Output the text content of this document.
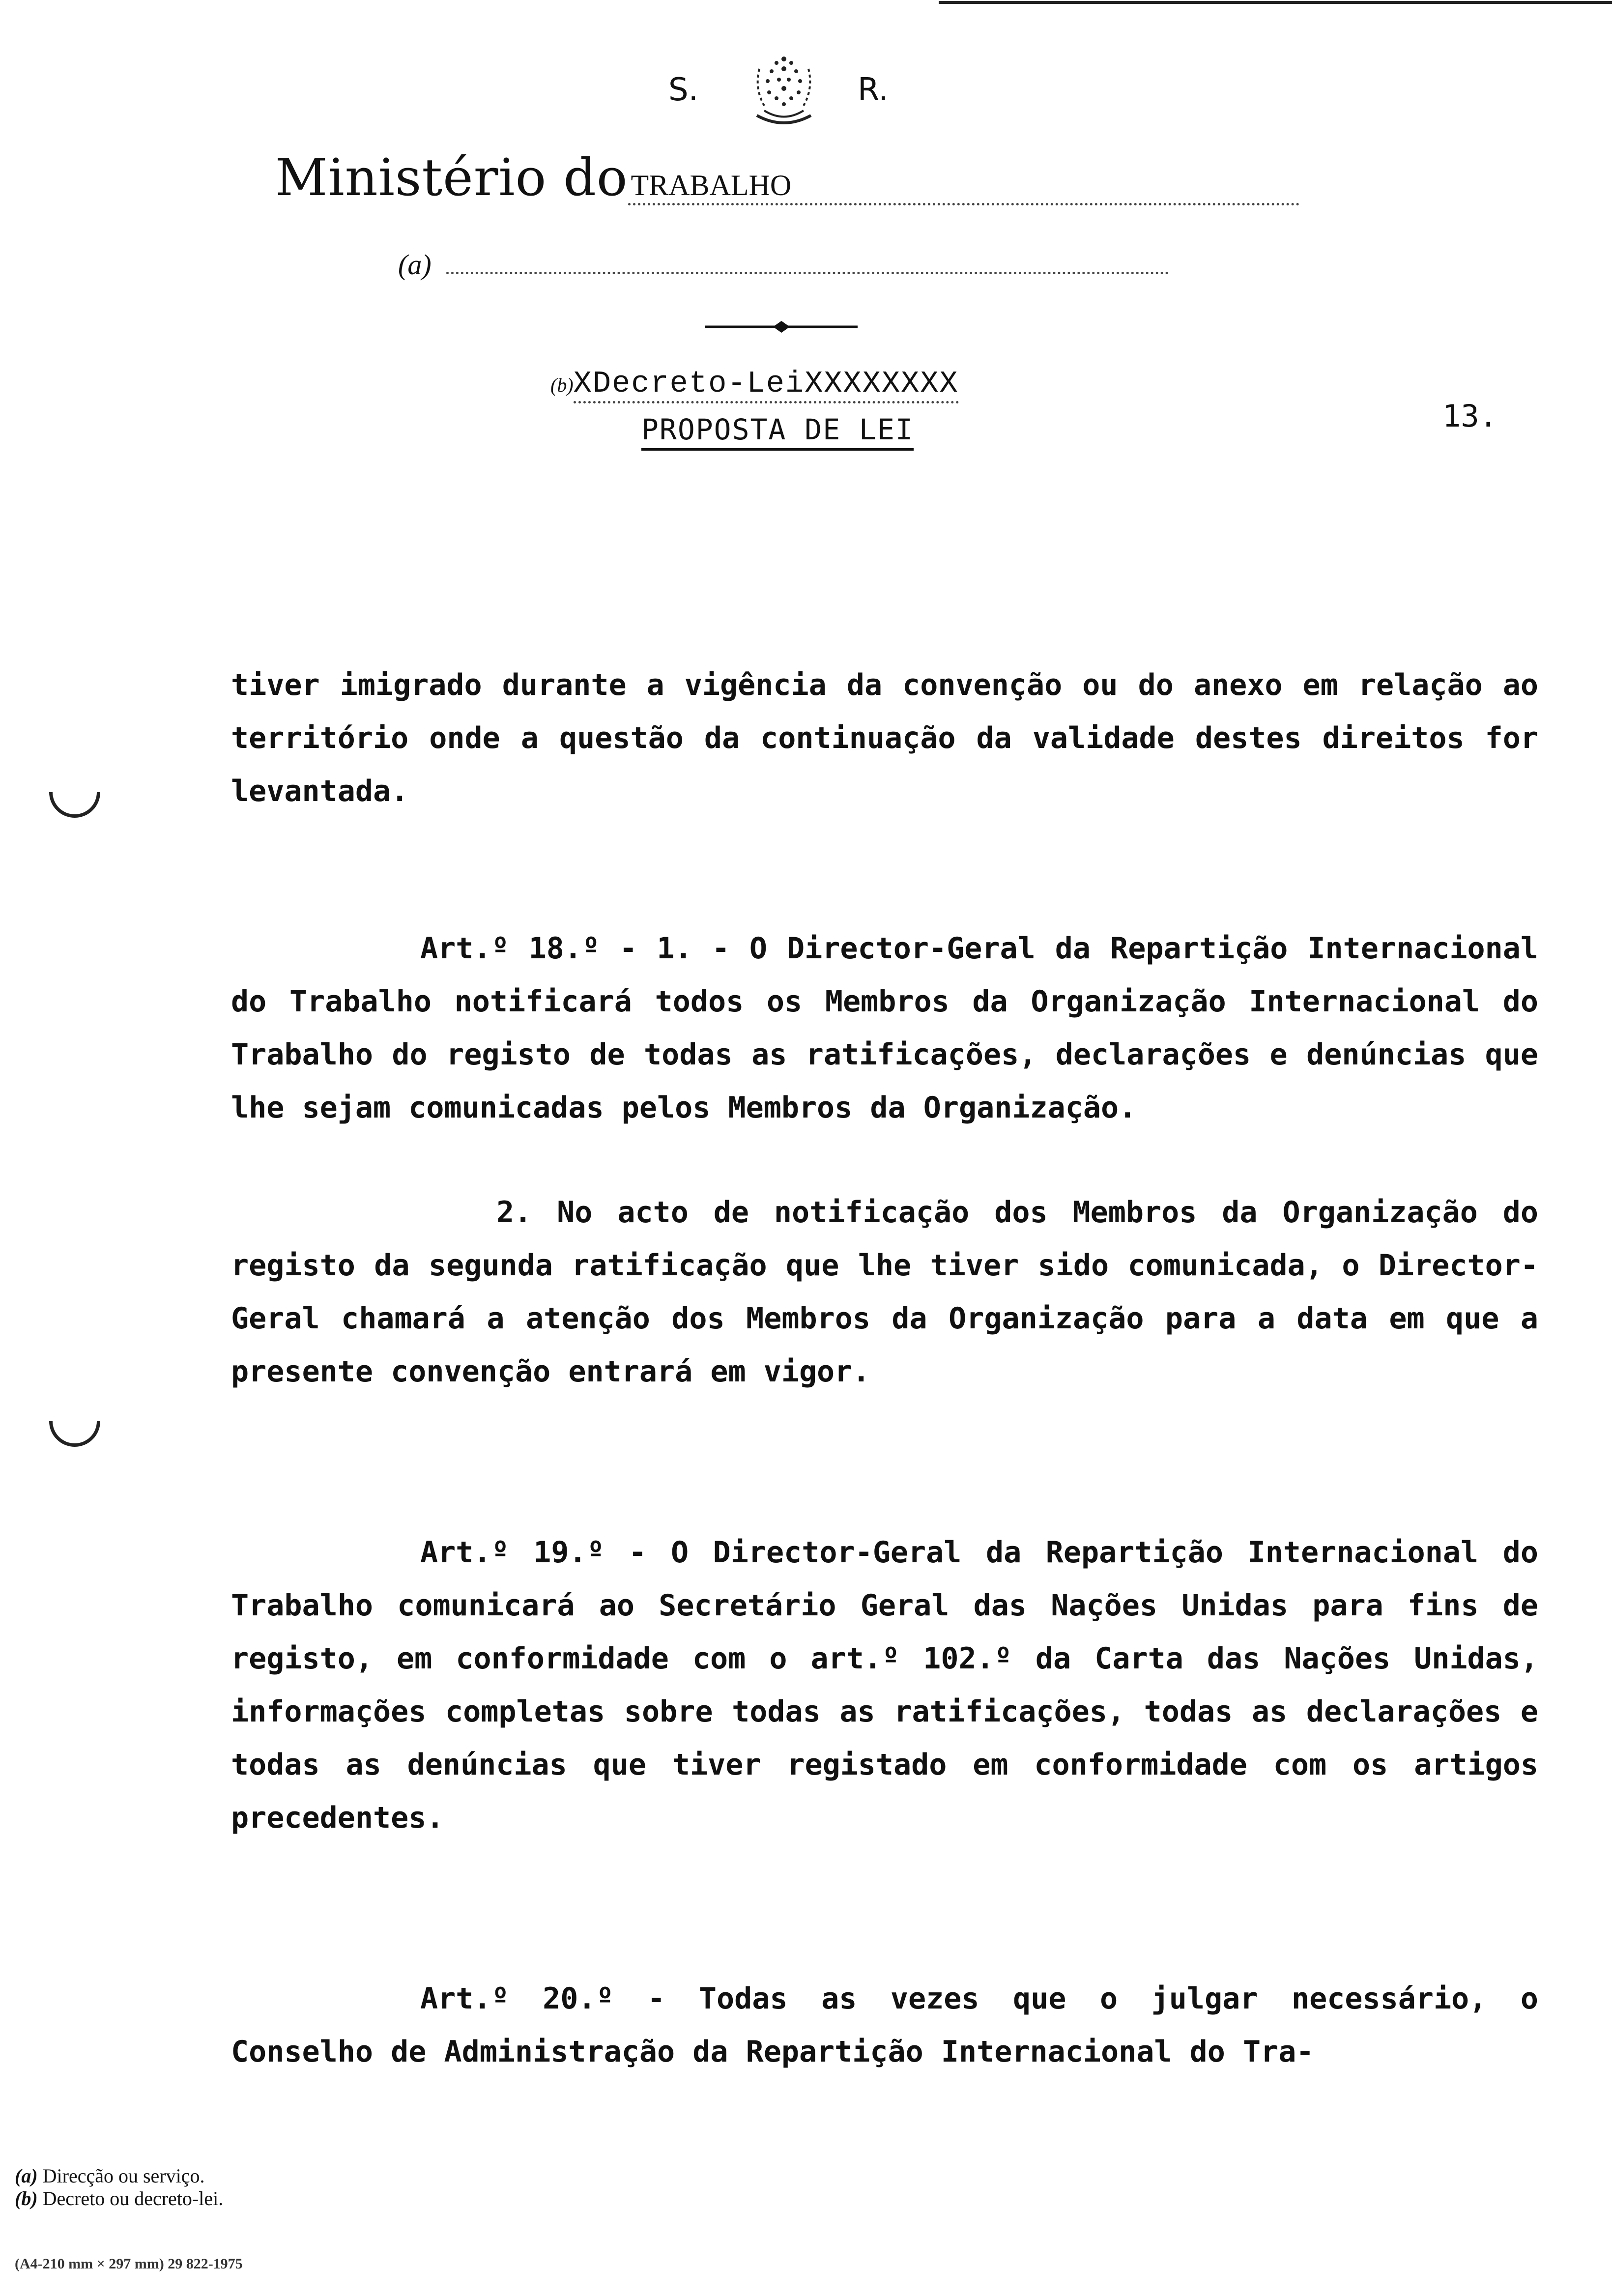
S.	R.
Ministério do TRABALHO
(a)
(b) XDecreto-LeiXXXXXXXX
PROPOSTA DE LEI	13.

tiver imigrado durante a vigência da convenção ou do anexo em relação ao território onde a questão da continuação da validade destes direitos for levantada.

Art.º 18.º - 1. - O Director-Geral da Repartição Internacional do Trabalho notificará todos os Membros da Organização Internacional do Trabalho do registo de todas as ratificações, declarações e denúncias que lhe sejam comunicadas pelos Membros da Organização.

2. No acto de notificação dos Membros da Organização do registo da segunda ratificação que lhe tiver sido comunicada, o Director-Geral chamará a atenção dos Membros da Organização para a data em que a presente convenção entrará em vigor.

Art.º 19.º - O Director-Geral da Repartição Internacional do Trabalho comunicará ao Secretário Geral das Nações Unidas para fins de registo, em conformidade com o art.º 102.º da Carta das Nações Unidas, informações completas sobre todas as ratificações, todas as declarações e todas as denúncias que tiver registado em conformidade com os artigos precedentes.

Art.º 20.º - Todas as vezes que o julgar necessário, o Conselho de Administração da Repartição Internacional do Tra-

(a) Direcção ou serviço.
(b) Decreto ou decreto-lei.
(A4-210 mm × 297 mm) 29 822-1975
